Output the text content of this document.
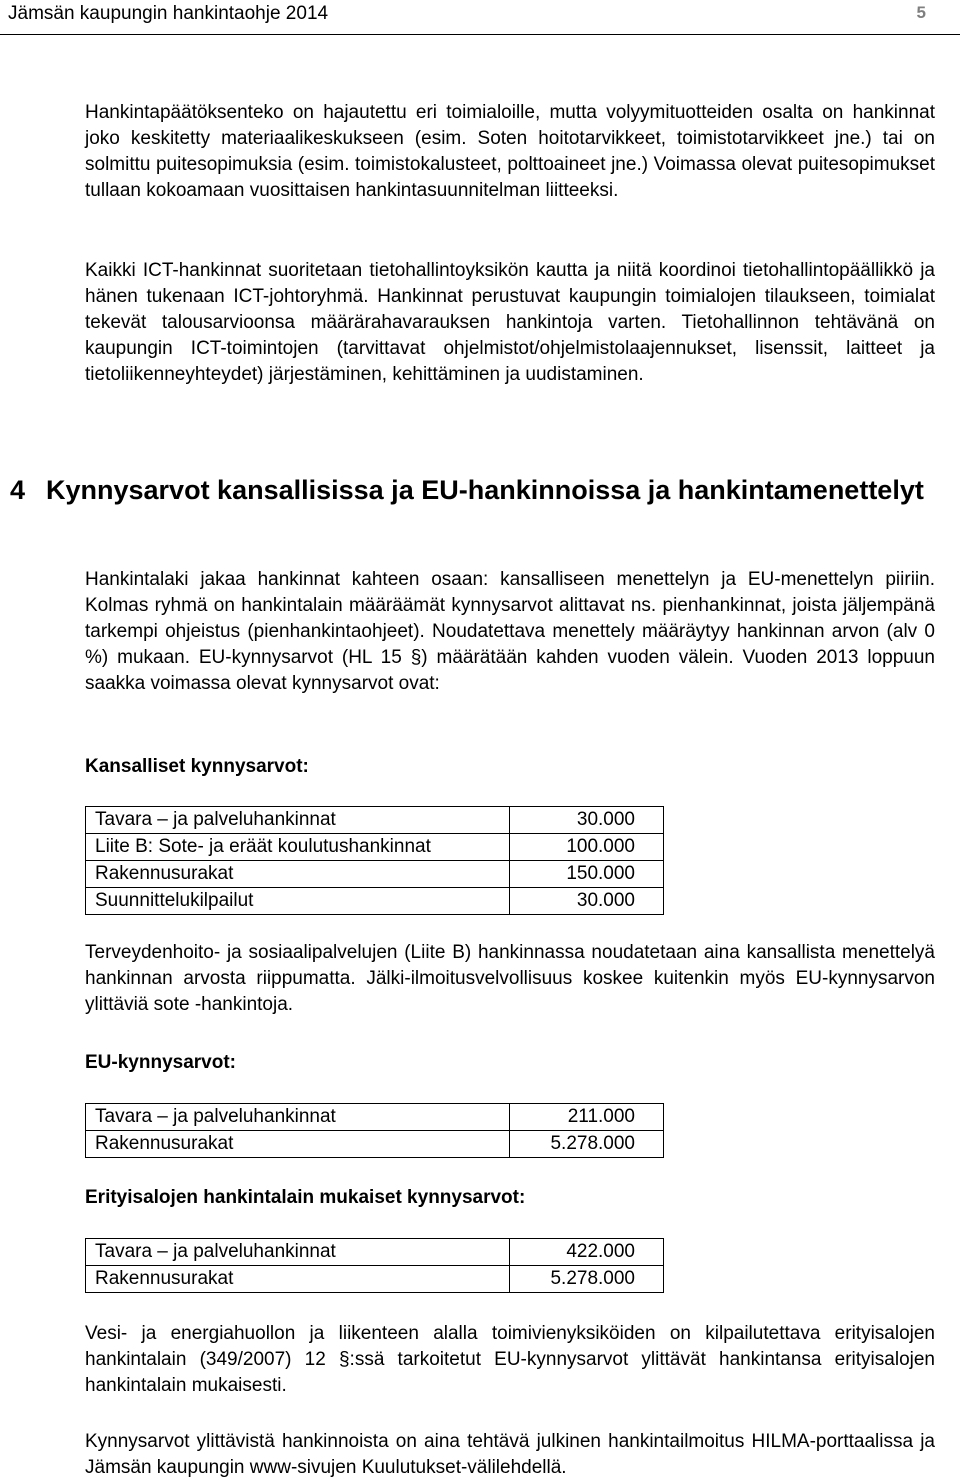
Jämsän kaupungin hankintaohje 2014	5

Hankintapäätöksenteko on hajautettu eri toimialoille, mutta volyymituotteiden osalta on hankinnat joko keskitetty materiaalikeskukseen (esim. Soten hoitotarvikkeet, toimistotarvikkeet jne.) tai on solmittu puitesopimuksia (esim. toimistokalusteet, polttoaineet jne.) Voimassa olevat puitesopimukset tullaan kokoamaan vuosittaisen hankintasuunnitelman liitteeksi.

Kaikki ICT-hankinnat suoritetaan tietohallintoyksikön kautta ja niitä koordinoi tietohallintopäällikkö ja hänen tukenaan ICT-johtoryhmä. Hankinnat perustuvat kaupungin toimialojen tilaukseen, toimialat tekevät talousarvioonsa määrärahavarauksen hankintoja varten. Tietohallinnon tehtävänä on kaupungin ICT-toimintojen (tarvittavat ohjelmistot/ohjelmistolaajennukset, lisenssit, laitteet ja tietoliikenneyhteydet) järjestäminen, kehittäminen ja uudistaminen.

4 Kynnysarvot kansallisissa ja EU-hankinnoissa ja hankintamenettelyt

Hankintalaki jakaa hankinnat kahteen osaan: kansalliseen menettelyn ja EU-menettelyn piiriin. Kolmas ryhmä on hankintalain määräämät kynnysarvot alittavat ns. pienhankinnat, joista jäljempänä tarkempi ohjeistus (pienhankintaohjeet). Noudatettava menettely määräytyy hankinnan arvon (alv 0 %) mukaan. EU-kynnysarvot (HL 15 §) määrätään kahden vuoden välein. Vuoden 2013 loppuun saakka voimassa olevat kynnysarvot ovat:

Kansalliset kynnysarvot:
Tavara – ja palveluhankinnat	30.000
Liite B: Sote- ja eräät koulutushankinnat	100.000
Rakennusurakat	150.000
Suunnittelukilpailut	30.000

Terveydenhoito- ja sosiaalipalvelujen (Liite B) hankinnassa noudatetaan aina kansallista menettelyä hankinnan arvosta riippumatta. Jälki-ilmoitusvelvollisuus koskee kuitenkin myös EU-kynnysarvon ylittäviä sote -hankintoja.

EU-kynnysarvot:
Tavara – ja palveluhankinnat	211.000
Rakennusurakat	5.278.000
Erityisalojen hankintalain mukaiset kynnysarvot:
Tavara – ja palveluhankinnat	422.000
Rakennusurakat	5.278.000

Vesi- ja energiahuollon ja liikenteen alalla toimivienyksiköiden on kilpailutettava erityisalojen hankintalain (349/2007) 12 §:ssä tarkoitetut EU-kynnysarvot ylittävät hankintansa erityisalojen hankintalain mukaisesti.

Kynnysarvot ylittävistä hankinnoista on aina tehtävä julkinen hankintailmoitus HILMA-porttaalissa ja Jämsän kaupungin www-sivujen Kuulutukset-välilehdellä.
